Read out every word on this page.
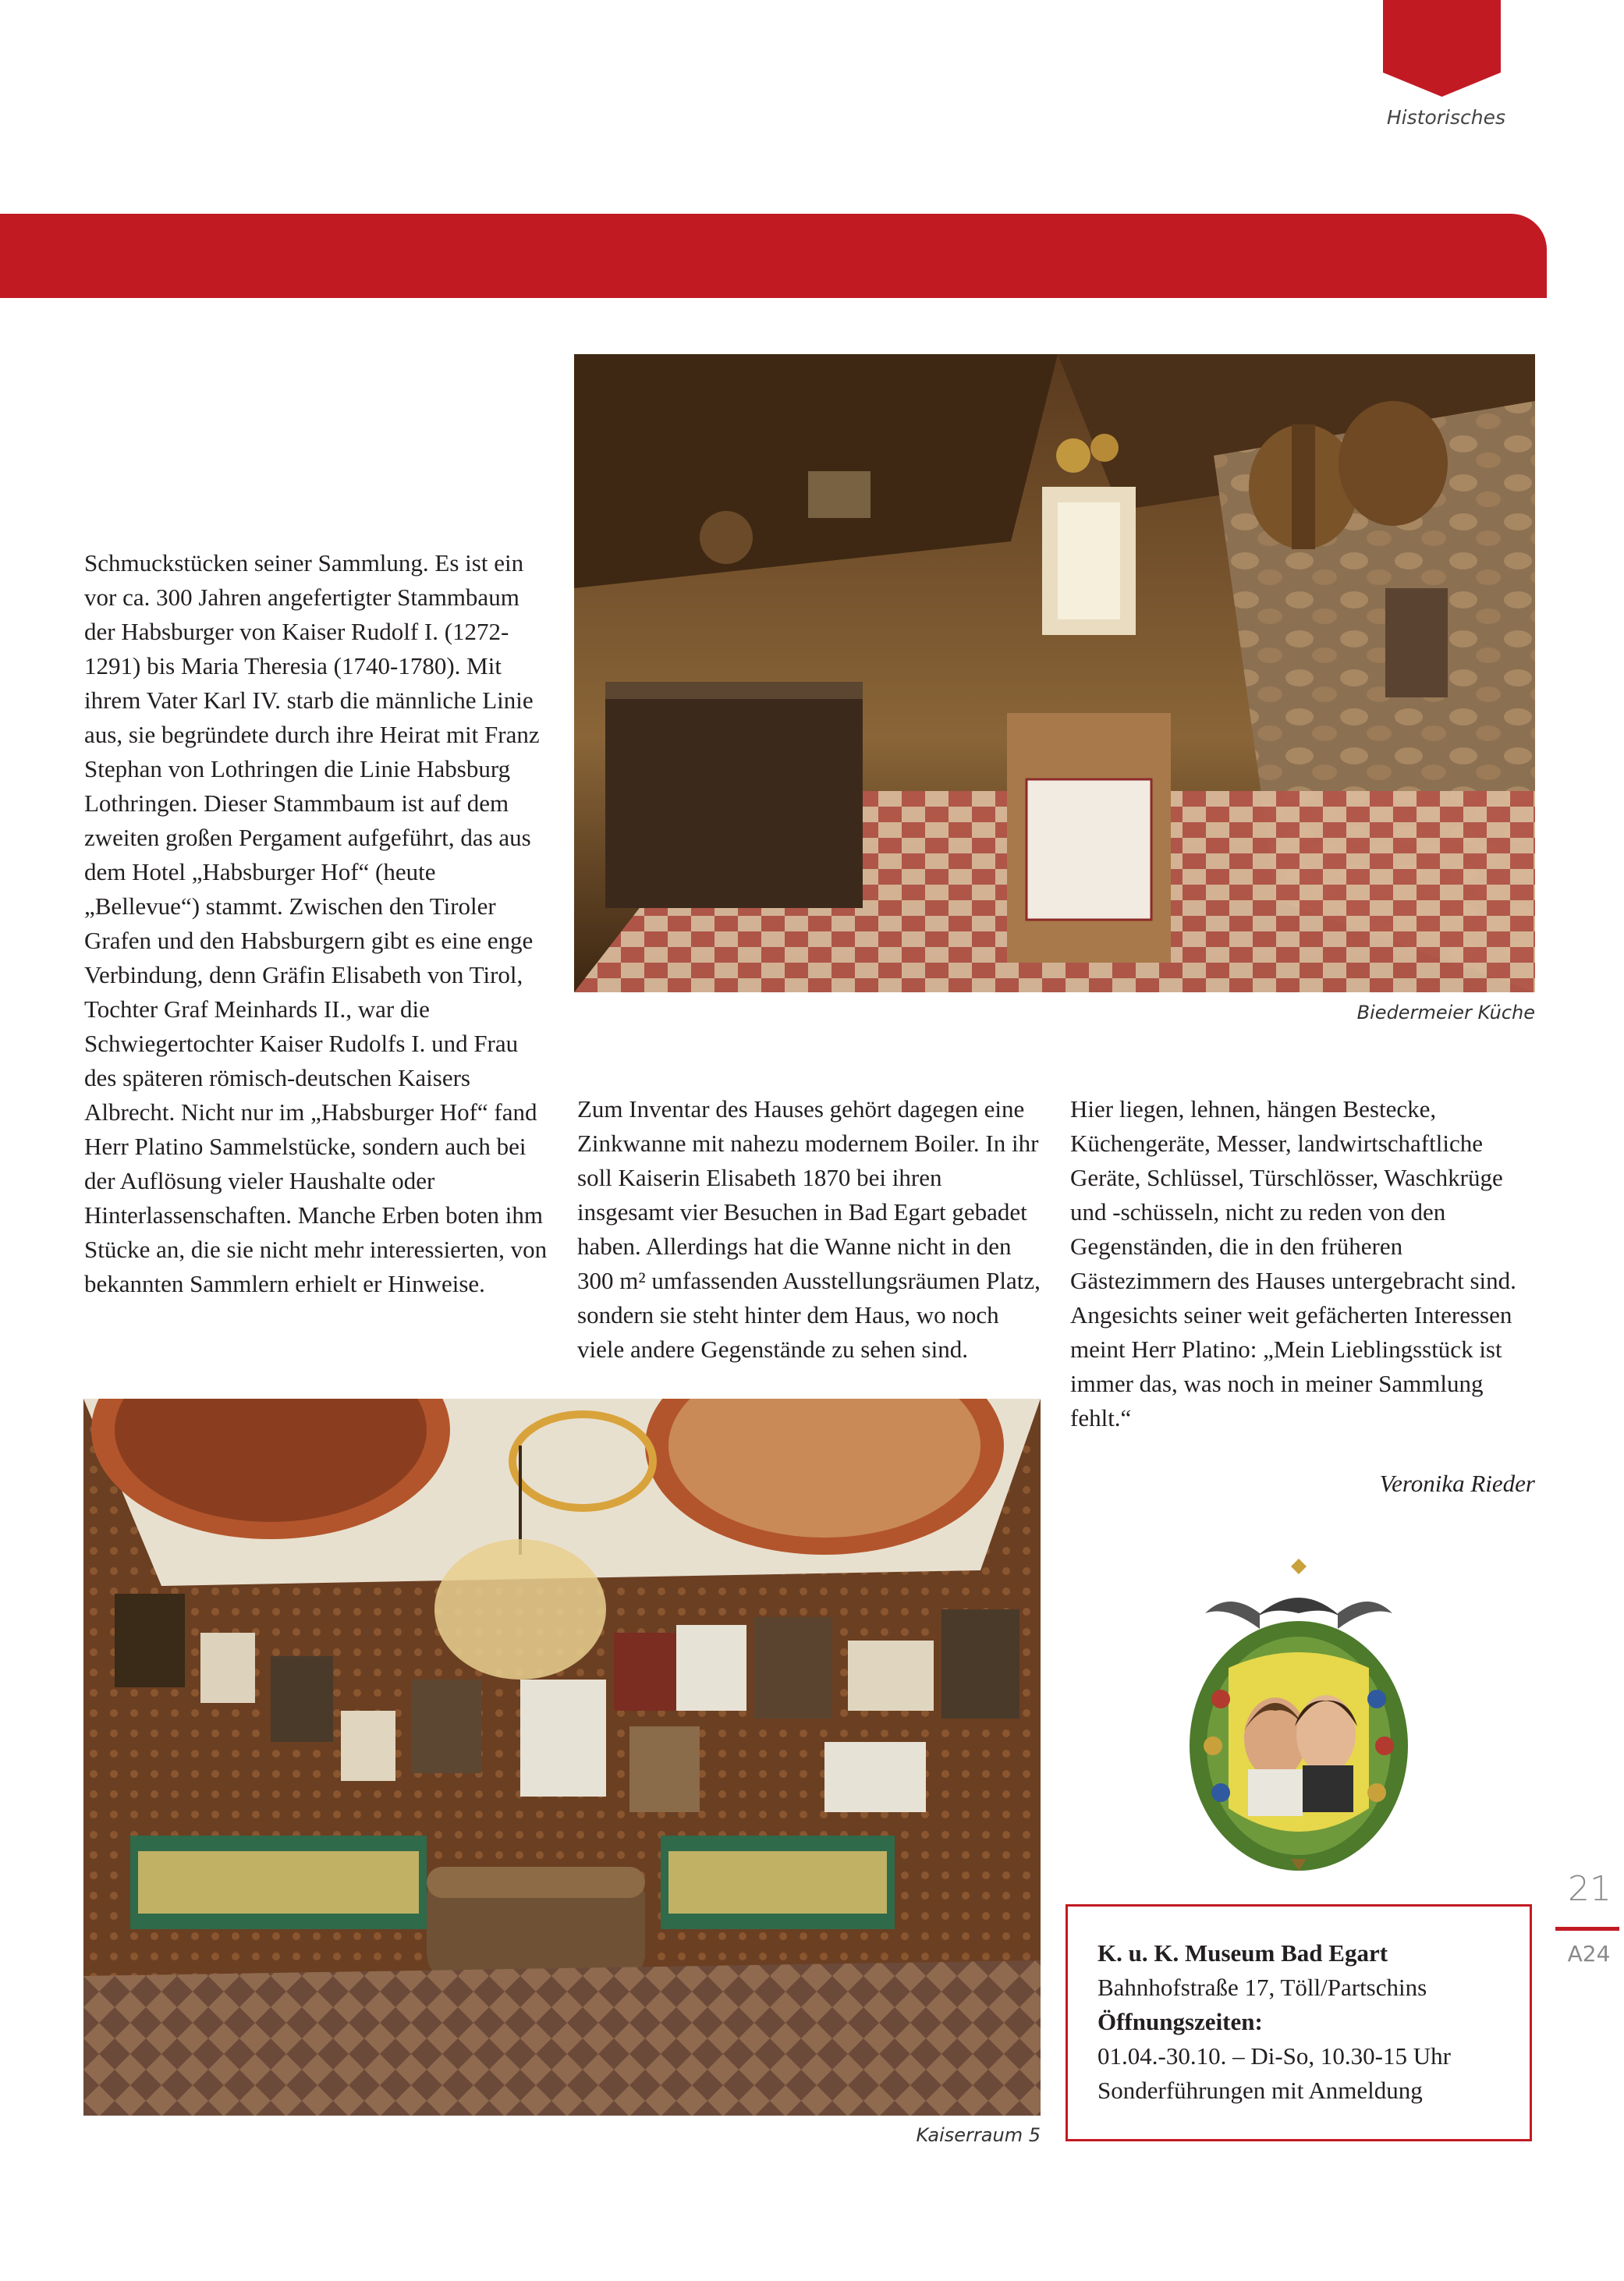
Historisches

Schmuckstücken seiner Sammlung. Es ist ein vor ca. 300 Jahren angefertigter Stammbaum der Habsburger von Kaiser Rudolf I. (1272-1291) bis Maria Theresia (1740-1780). Mit ihrem Vater Karl IV. starb die männliche Linie aus, sie begründete durch ihre Heirat mit Franz Stephan von Lothringen die Linie Habsburg Lothringen. Dieser Stammbaum ist auf dem zweiten großen Pergament aufgeführt, das aus dem Hotel „Habsburger Hof“ (heute „Bellevue“) stammt. Zwischen den Tiroler Grafen und den Habsburgern gibt es eine enge Verbindung, denn Gräfin Elisabeth von Tirol, Tochter Graf Meinhards II., war die Schwiegertochter Kaiser Rudolfs I. und Frau des späteren römisch-deutschen Kaisers Albrecht. Nicht nur im „Habsburger Hof“ fand Herr Platino Sammelstücke, sondern auch bei der Auflösung vieler Haushalte oder Hinterlassenschaften. Manche Erben boten ihm Stücke an, die sie nicht mehr interessierten, von bekannten Sammlern erhielt er Hinweise.

Biedermeier Küche

Zum Inventar des Hauses gehört dagegen eine Zinkwanne mit nahezu modernem Boiler. In ihr soll Kaiserin Elisabeth 1870 bei ihren insgesamt vier Besuchen in Bad Egart gebadet haben. Allerdings hat die Wanne nicht in den 300 m² umfassenden Ausstellungsräumen Platz, sondern sie steht hinter dem Haus, wo noch viele andere Gegenstände zu sehen sind.

Hier liegen, lehnen, hängen Bestecke, Küchengeräte, Messer, landwirtschaftliche Geräte, Schlüssel, Türschlösser, Waschkrüge und -schüsseln, nicht zu reden von den Gegenständen, die in den früheren Gästezimmern des Hauses untergebracht sind. Angesichts seiner weit gefächerten Interessen meint Herr Platino: „Mein Lieblingsstück ist immer das, was noch in meiner Sammlung fehlt.“

Veronika Rieder
Kaiserraum 5
21
A24

K. u. K. Museum Bad Egart

Bahnhofstraße 17, Töll/Partschins

Öffnungszeiten:

01.04.-30.10. – Di-So, 10.30-15 Uhr

Sonderführungen mit Anmeldung
